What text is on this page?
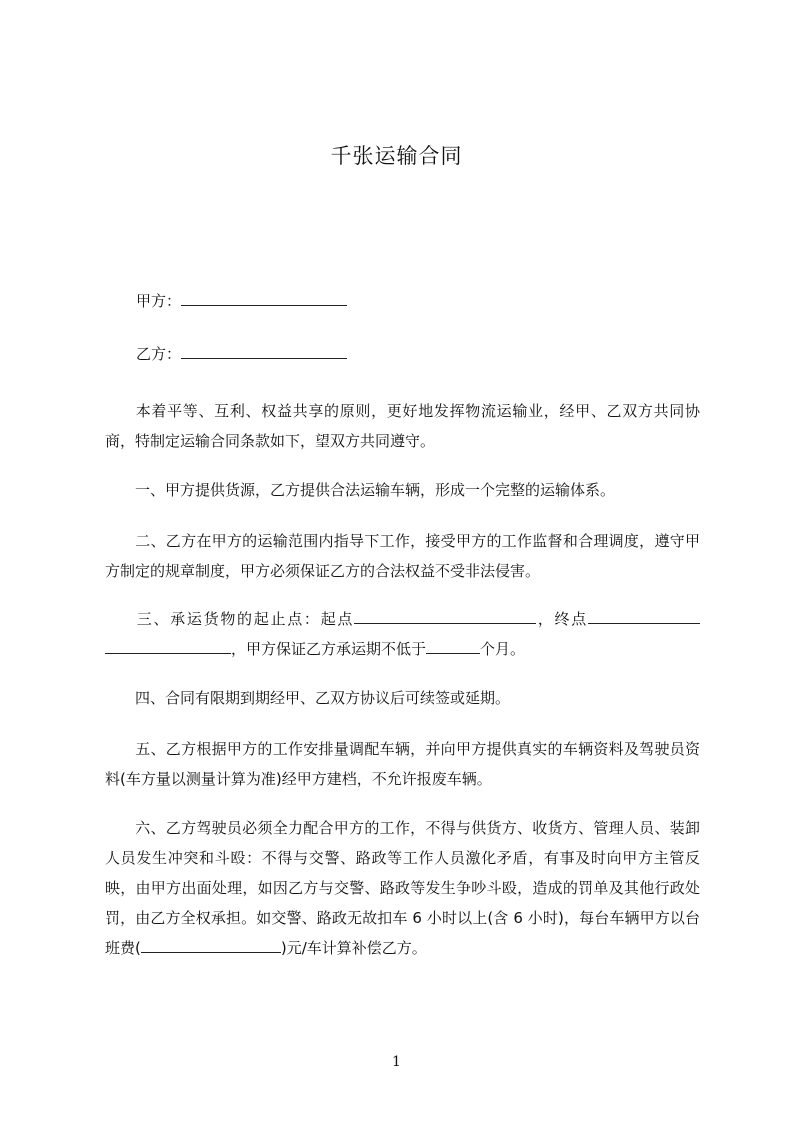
千张运输合同
甲方：
乙方：

本着平等、互利、权益共享的原则，更好地发挥物流运输业，经甲、乙双方共同协商，特制定运输合同条款如下，望双方共同遵守。

一、甲方提供货源，乙方提供合法运输车辆，形成一个完整的运输体系。

二、乙方在甲方的运输范围内指导下工作，接受甲方的工作监督和合理调度，遵守甲方制定的规章制度，甲方必须保证乙方的合法权益不受非法侵害。

三、承运货物的起止点：起点	，终点，甲方保证乙方承运期不低于	个月。

四、合同有限期到期经甲、乙双方协议后可续签或延期。

五、乙方根据甲方的工作安排量调配车辆，并向甲方提供真实的车辆资料及驾驶员资料(车方量以测量计算为准)经甲方建档，不允许报废车辆。

六、乙方驾驶员必须全力配合甲方的工作，不得与供货方、收货方、管理人员、装卸人员发生冲突和斗殴：不得与交警、路政等工作人员激化矛盾，有事及时向甲方主管反映，由甲方出面处理，如因乙方与交警、路政等发生争吵斗殴，造成的罚单及其他行政处罚，由乙方全权承担。如交警、路政无故扣车 6 小时以上(含 6 小时)，每台车辆甲方以台班费(	)元/车计算补偿乙方。

1
